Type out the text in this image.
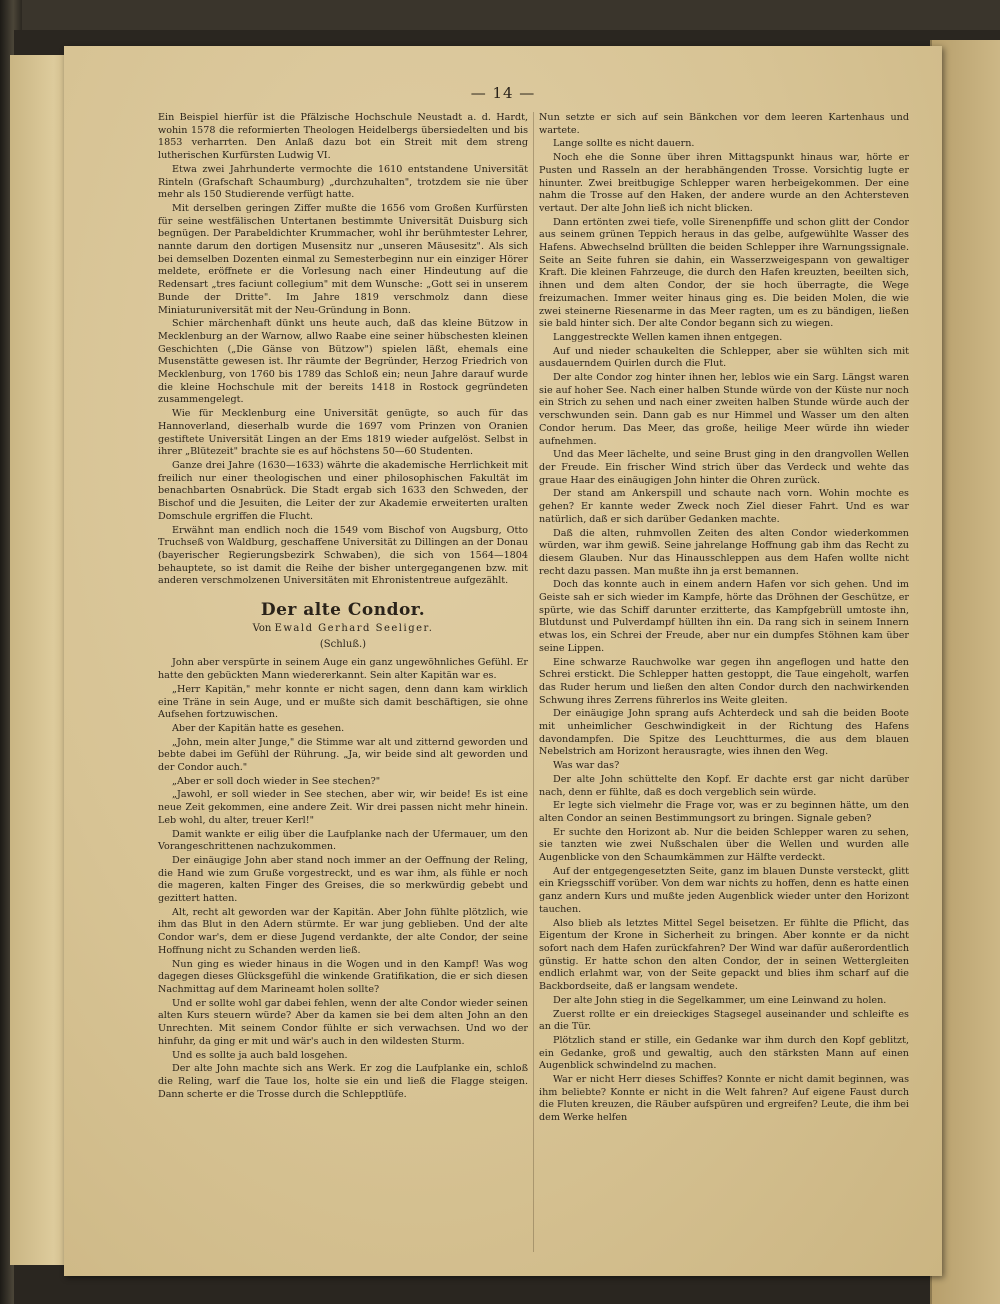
— 14 —

Ein Beispiel hierfür ist die Pfälzische Hochschule Neustadt a. d. Hardt, wohin 1578 die reformierten Theologen Heidelbergs übersiedelten und bis 1853 verharrten. Den Anlaß dazu bot ein Streit mit dem streng lutherischen Kurfürsten Ludwig VI.

Etwa zwei Jahrhunderte vermochte die 1610 entstandene Universität Rinteln (Grafschaft Schaumburg) „durchzuhalten", trotzdem sie nie über mehr als 150 Studierende verfügt hatte.

Mit derselben geringen Ziffer mußte die 1656 vom Großen Kurfürsten für seine westfälischen Untertanen bestimmte Universität Duisburg sich begnügen. Der Parabeldichter Krummacher, wohl ihr berühmtester Lehrer, nannte darum den dortigen Musensitz nur „unseren Mäusesitz". Als sich bei demselben Dozenten einmal zu Semesterbeginn nur ein einziger Hörer meldete, eröffnete er die Vorlesung nach einer Hindeutung auf die Redensart „tres faciunt collegium" mit dem Wunsche: „Gott sei in unserem Bunde der Dritte". Im Jahre 1819 verschmolz dann diese Miniaturuniversität mit der Neu-Gründung in Bonn.

Schier märchenhaft dünkt uns heute auch, daß das kleine Bützow in Mecklenburg an der Warnow, allwo Raabe eine seiner hübschesten kleinen Geschichten („Die Gänse von Bützow") spielen läßt, ehemals eine Musenstätte gewesen ist. Ihr räumte der Begründer, Herzog Friedrich von Mecklenburg, von 1760 bis 1789 das Schloß ein; neun Jahre darauf wurde die kleine Hochschule mit der bereits 1418 in Rostock gegründeten zusammengelegt.

Wie für Mecklenburg eine Universität genügte, so auch für das Hannoverland, dieserhalb wurde die 1697 vom Prinzen von Oranien gestiftete Universität Lingen an der Ems 1819 wieder aufgelöst. Selbst in ihrer „Blütezeit" brachte sie es auf höchstens 50—60 Studenten.

Ganze drei Jahre (1630—1633) währte die akademische Herrlichkeit mit freilich nur einer theologischen und einer philosophischen Fakultät im benachbarten Osnabrück. Die Stadt ergab sich 1633 den Schweden, der Bischof und die Jesuiten, die Leiter der zur Akademie erweiterten uralten Domschule ergriffen die Flucht.

Erwähnt man endlich noch die 1549 vom Bischof von Augsburg, Otto Truchseß von Waldburg, geschaffene Universität zu Dillingen an der Donau (bayerischer Regierungsbezirk Schwaben), die sich von 1564—1804 behauptete, so ist damit die Reihe der bisher untergegangenen bzw. mit anderen verschmolzenen Universitäten mit Ehronistentreue aufgezählt.

Der alte Condor.
Von Ewald Gerhard Seeliger.
(Schluß.)

John aber verspürte in seinem Auge ein ganz ungewöhnliches Gefühl. Er hatte den gebückten Mann wiedererkannt. Sein alter Kapitän war es.

„Herr Kapitän," mehr konnte er nicht sagen, denn dann kam wirklich eine Träne in sein Auge, und er mußte sich damit beschäftigen, sie ohne Aufsehen fortzuwischen.

Aber der Kapitän hatte es gesehen.

„John, mein alter Junge," die Stimme war alt und zitternd geworden und bebte dabei im Gefühl der Rührung. „Ja, wir beide sind alt geworden und der Condor auch."

„Aber er soll doch wieder in See stechen?"

„Jawohl, er soll wieder in See stechen, aber wir, wir beide! Es ist eine neue Zeit gekommen, eine andere Zeit. Wir drei passen nicht mehr hinein. Leb wohl, du alter, treuer Kerl!"

Damit wankte er eilig über die Laufplanke nach der Ufermauer, um den Vorangeschrittenen nachzukommen.

Der einäugige John aber stand noch immer an der Oeffnung der Reling, die Hand wie zum Gruße vorgestreckt, und es war ihm, als fühle er noch die mageren, kalten Finger des Greises, die so merkwürdig gebebt und gezittert hatten.

Alt, recht alt geworden war der Kapitän. Aber John fühlte plötzlich, wie ihm das Blut in den Adern stürmte. Er war jung geblieben. Und der alte Condor war's, dem er diese Jugend verdankte, der alte Condor, der seine Hoffnung nicht zu Schanden werden ließ.

Nun ging es wieder hinaus in die Wogen und in den Kampf! Was wog dagegen dieses Glücksgefühl die winkende Gratifikation, die er sich diesen Nachmittag auf dem Marineamt holen sollte?

Und er sollte wohl gar dabei fehlen, wenn der alte Condor wieder seinen alten Kurs steuern würde? Aber da kamen sie bei dem alten John an den Unrechten. Mit seinem Condor fühlte er sich verwachsen. Und wo der hinfuhr, da ging er mit und wär's auch in den wildesten Sturm.

Und es sollte ja auch bald losgehen.

Der alte John machte sich ans Werk. Er zog die Laufplanke ein, schloß die Reling, warf die Taue los, holte sie ein und ließ die Flagge steigen. Dann scherte er die Trosse durch die Schlepptlüfe.

Nun setzte er sich auf sein Bänkchen vor dem leeren Kartenhaus und wartete.

Lange sollte es nicht dauern.

Noch ehe die Sonne über ihren Mittagspunkt hinaus war, hörte er Pusten und Rasseln an der herabhängenden Trosse. Vorsichtig lugte er hinunter. Zwei breitbugige Schlepper waren herbeigekommen. Der eine nahm die Trosse auf den Haken, der andere wurde an den Achtersteven vertaut. Der alte John ließ ich nicht blicken.

Dann ertönten zwei tiefe, volle Sirenenpfiffe und schon glitt der Condor aus seinem grünen Teppich heraus in das gelbe, aufgewühlte Wasser des Hafens. Abwechselnd brüllten die beiden Schlepper ihre Warnungssignale. Seite an Seite fuhren sie dahin, ein Wasserzweigespann von gewaltiger Kraft. Die kleinen Fahrzeuge, die durch den Hafen kreuzten, beeilten sich, ihnen und dem alten Condor, der sie hoch überragte, die Wege freizumachen. Immer weiter hinaus ging es. Die beiden Molen, die wie zwei steinerne Riesenarme in das Meer ragten, um es zu bändigen, ließen sie bald hinter sich. Der alte Condor begann sich zu wiegen.

Langgestreckte Wellen kamen ihnen entgegen.

Auf und nieder schaukelten die Schlepper, aber sie wühlten sich mit ausdauerndem Quirlen durch die Flut.

Der alte Condor zog hinter ihnen her, leblos wie ein Sarg. Längst waren sie auf hoher See. Nach einer halben Stunde würde von der Küste nur noch ein Strich zu sehen und nach einer zweiten halben Stunde würde auch der verschwunden sein. Dann gab es nur Himmel und Wasser um den alten Condor herum. Das Meer, das große, heilige Meer würde ihn wieder aufnehmen.

Und das Meer lächelte, und seine Brust ging in den drangvollen Wellen der Freude. Ein frischer Wind strich über das Verdeck und wehte das graue Haar des einäugigen John hinter die Ohren zurück.

Der stand am Ankerspill und schaute nach vorn. Wohin mochte es gehen? Er kannte weder Zweck noch Ziel dieser Fahrt. Und es war natürlich, daß er sich darüber Gedanken machte.

Daß die alten, ruhmvollen Zeiten des alten Condor wiederkommen würden, war ihm gewiß. Seine jahrelange Hoffnung gab ihm das Recht zu diesem Glauben. Nur das Hinausschleppen aus dem Hafen wollte nicht recht dazu passen. Man mußte ihn ja erst bemannen.

Doch das konnte auch in einem andern Hafen vor sich gehen. Und im Geiste sah er sich wieder im Kampfe, hörte das Dröhnen der Geschütze, er spürte, wie das Schiff darunter erzitterte, das Kampfgebrüll umtoste ihn, Blutdunst und Pulverdampf hüllten ihn ein. Da rang sich in seinem Innern etwas los, ein Schrei der Freude, aber nur ein dumpfes Stöhnen kam über seine Lippen.

Eine schwarze Rauchwolke war gegen ihn angeflogen und hatte den Schrei erstickt. Die Schlepper hatten gestoppt, die Taue eingeholt, warfen das Ruder herum und ließen den alten Condor durch den nachwirkenden Schwung ihres Zerrens führerlos ins Weite gleiten.

Der einäugige John sprang aufs Achterdeck und sah die beiden Boote mit unheimlicher Geschwindigkeit in der Richtung des Hafens davondampfen. Die Spitze des Leuchtturmes, die aus dem blauen Nebelstrich am Horizont herausragte, wies ihnen den Weg.

Was war das?

Der alte John schüttelte den Kopf. Er dachte erst gar nicht darüber nach, denn er fühlte, daß es doch vergeblich sein würde.

Er legte sich vielmehr die Frage vor, was er zu beginnen hätte, um den alten Condor an seinen Bestimmungsort zu bringen. Signale geben?

Er suchte den Horizont ab. Nur die beiden Schlepper waren zu sehen, sie tanzten wie zwei Nußschalen über die Wellen und wurden alle Augenblicke von den Schaumkämmen zur Hälfte verdeckt.

Auf der entgegengesetzten Seite, ganz im blauen Dunste versteckt, glitt ein Kriegsschiff vorüber. Von dem war nichts zu hoffen, denn es hatte einen ganz andern Kurs und mußte jeden Augenblick wieder unter den Horizont tauchen.

Also blieb als letztes Mittel Segel beisetzen. Er fühlte die Pflicht, das Eigentum der Krone in Sicherheit zu bringen. Aber konnte er da nicht sofort nach dem Hafen zurückfahren? Der Wind war dafür außerordentlich günstig. Er hatte schon den alten Condor, der in seinen Wettergleiten endlich erlahmt war, von der Seite gepackt und blies ihm scharf auf die Backbordseite, daß er langsam wendete.

Der alte John stieg in die Segelkammer, um eine Leinwand zu holen.

Zuerst rollte er ein dreieckiges Stagsegel auseinander und schleifte es an die Tür.

Plötzlich stand er stille, ein Gedanke war ihm durch den Kopf geblitzt, ein Gedanke, groß und gewaltig, auch den stärksten Mann auf einen Augenblick schwindelnd zu machen.

War er nicht Herr dieses Schiffes? Konnte er nicht damit beginnen, was ihm beliebte? Konnte er nicht in die Welt fahren? Auf eigene Faust durch die Fluten kreuzen, die Räuber aufspüren und ergreifen? Leute, die ihm bei dem Werke helfen
